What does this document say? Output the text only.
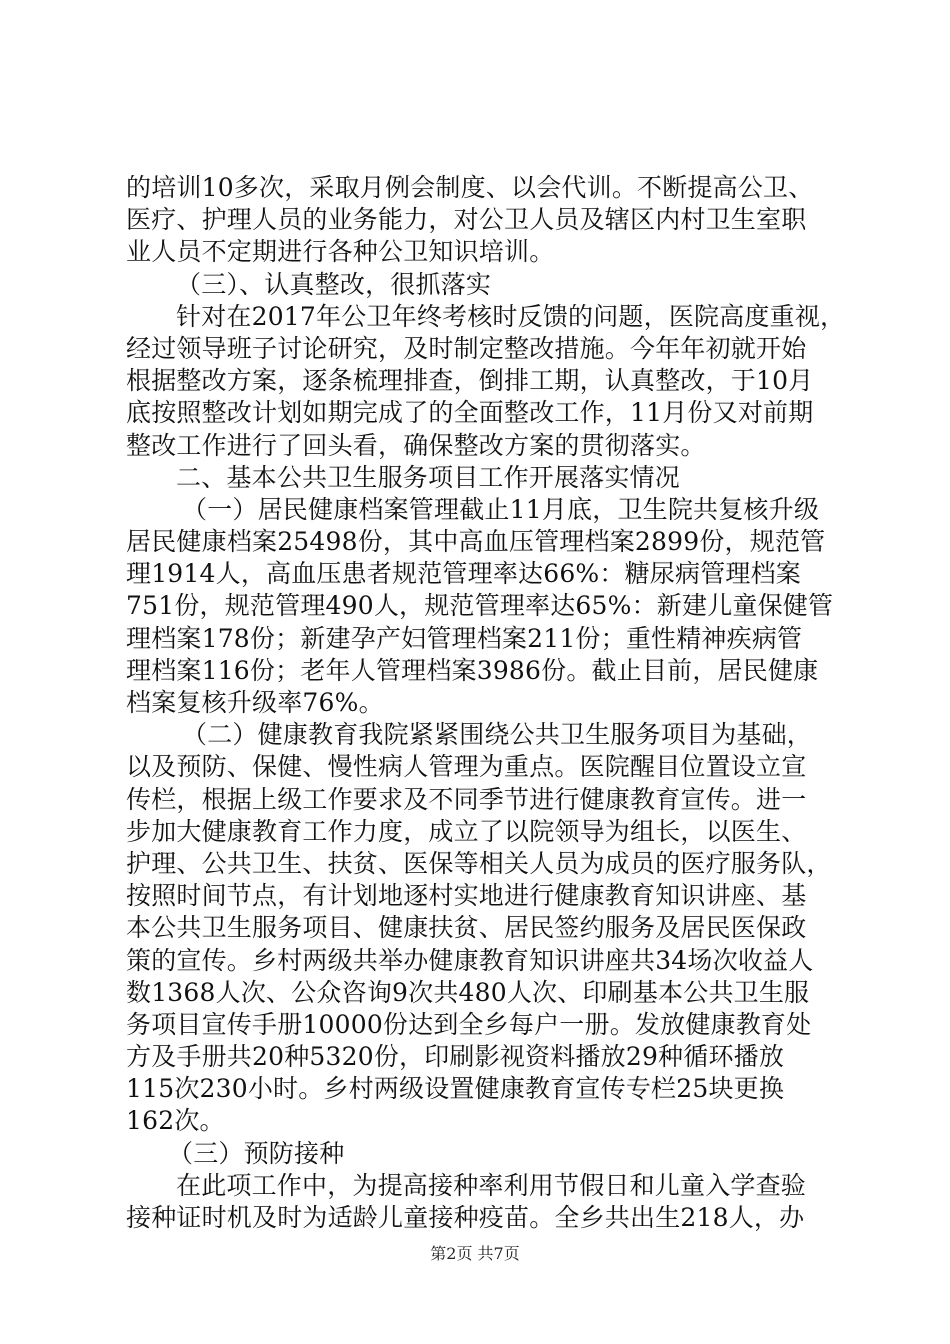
的培训10多次，采取月例会制度、以会代训。不断提高公卫、
医疗、护理人员的业务能力，对公卫人员及辖区内村卫生室职
业人员不定期进行各种公卫知识培训。
（三）、认真整改，很抓落实
针对在2017年公卫年终考核时反馈的问题，医院高度重视，
经过领导班子讨论研究，及时制定整改措施。今年年初就开始
根据整改方案，逐条梳理排查，倒排工期，认真整改，于10月
底按照整改计划如期完成了的全面整改工作，11月份又对前期
整改工作进行了回头看，确保整改方案的贯彻落实。
二、基本公共卫生服务项目工作开展落实情况
（一）居民健康档案管理截止11月底，卫生院共复核升级
居民健康档案25498份，其中高血压管理档案2899份，规范管
理1914人，高血压患者规范管理率达66%：糖尿病管理档案
751份，规范管理490人，规范管理率达65%：新建儿童保健管
理档案178份；新建孕产妇管理档案211份；重性精神疾病管
理档案116份；老年人管理档案3986份。截止目前，居民健康
档案复核升级率76%。
（二）健康教育我院紧紧围绕公共卫生服务项目为基础，
以及预防、保健、慢性病人管理为重点。医院醒目位置设立宣
传栏，根据上级工作要求及不同季节进行健康教育宣传。进一
步加大健康教育工作力度，成立了以院领导为组长，以医生、
护理、公共卫生、扶贫、医保等相关人员为成员的医疗服务队，
按照时间节点，有计划地逐村实地进行健康教育知识讲座、基
本公共卫生服务项目、健康扶贫、居民签约服务及居民医保政
策的宣传。乡村两级共举办健康教育知识讲座共34场次收益人
数1368人次、公众咨询9次共480人次、印刷基本公共卫生服
务项目宣传手册10000份达到全乡每户一册。发放健康教育处
方及手册共20种5320份，印刷影视资料播放29种循环播放
115次230小时。乡村两级设置健康教育宣传专栏25块更换
162次。
（三）预防接种
在此项工作中，为提高接种率利用节假日和儿童入学查验
接种证时机及时为适龄儿童接种疫苗。全乡共出生218人，办
第2页 共7页
